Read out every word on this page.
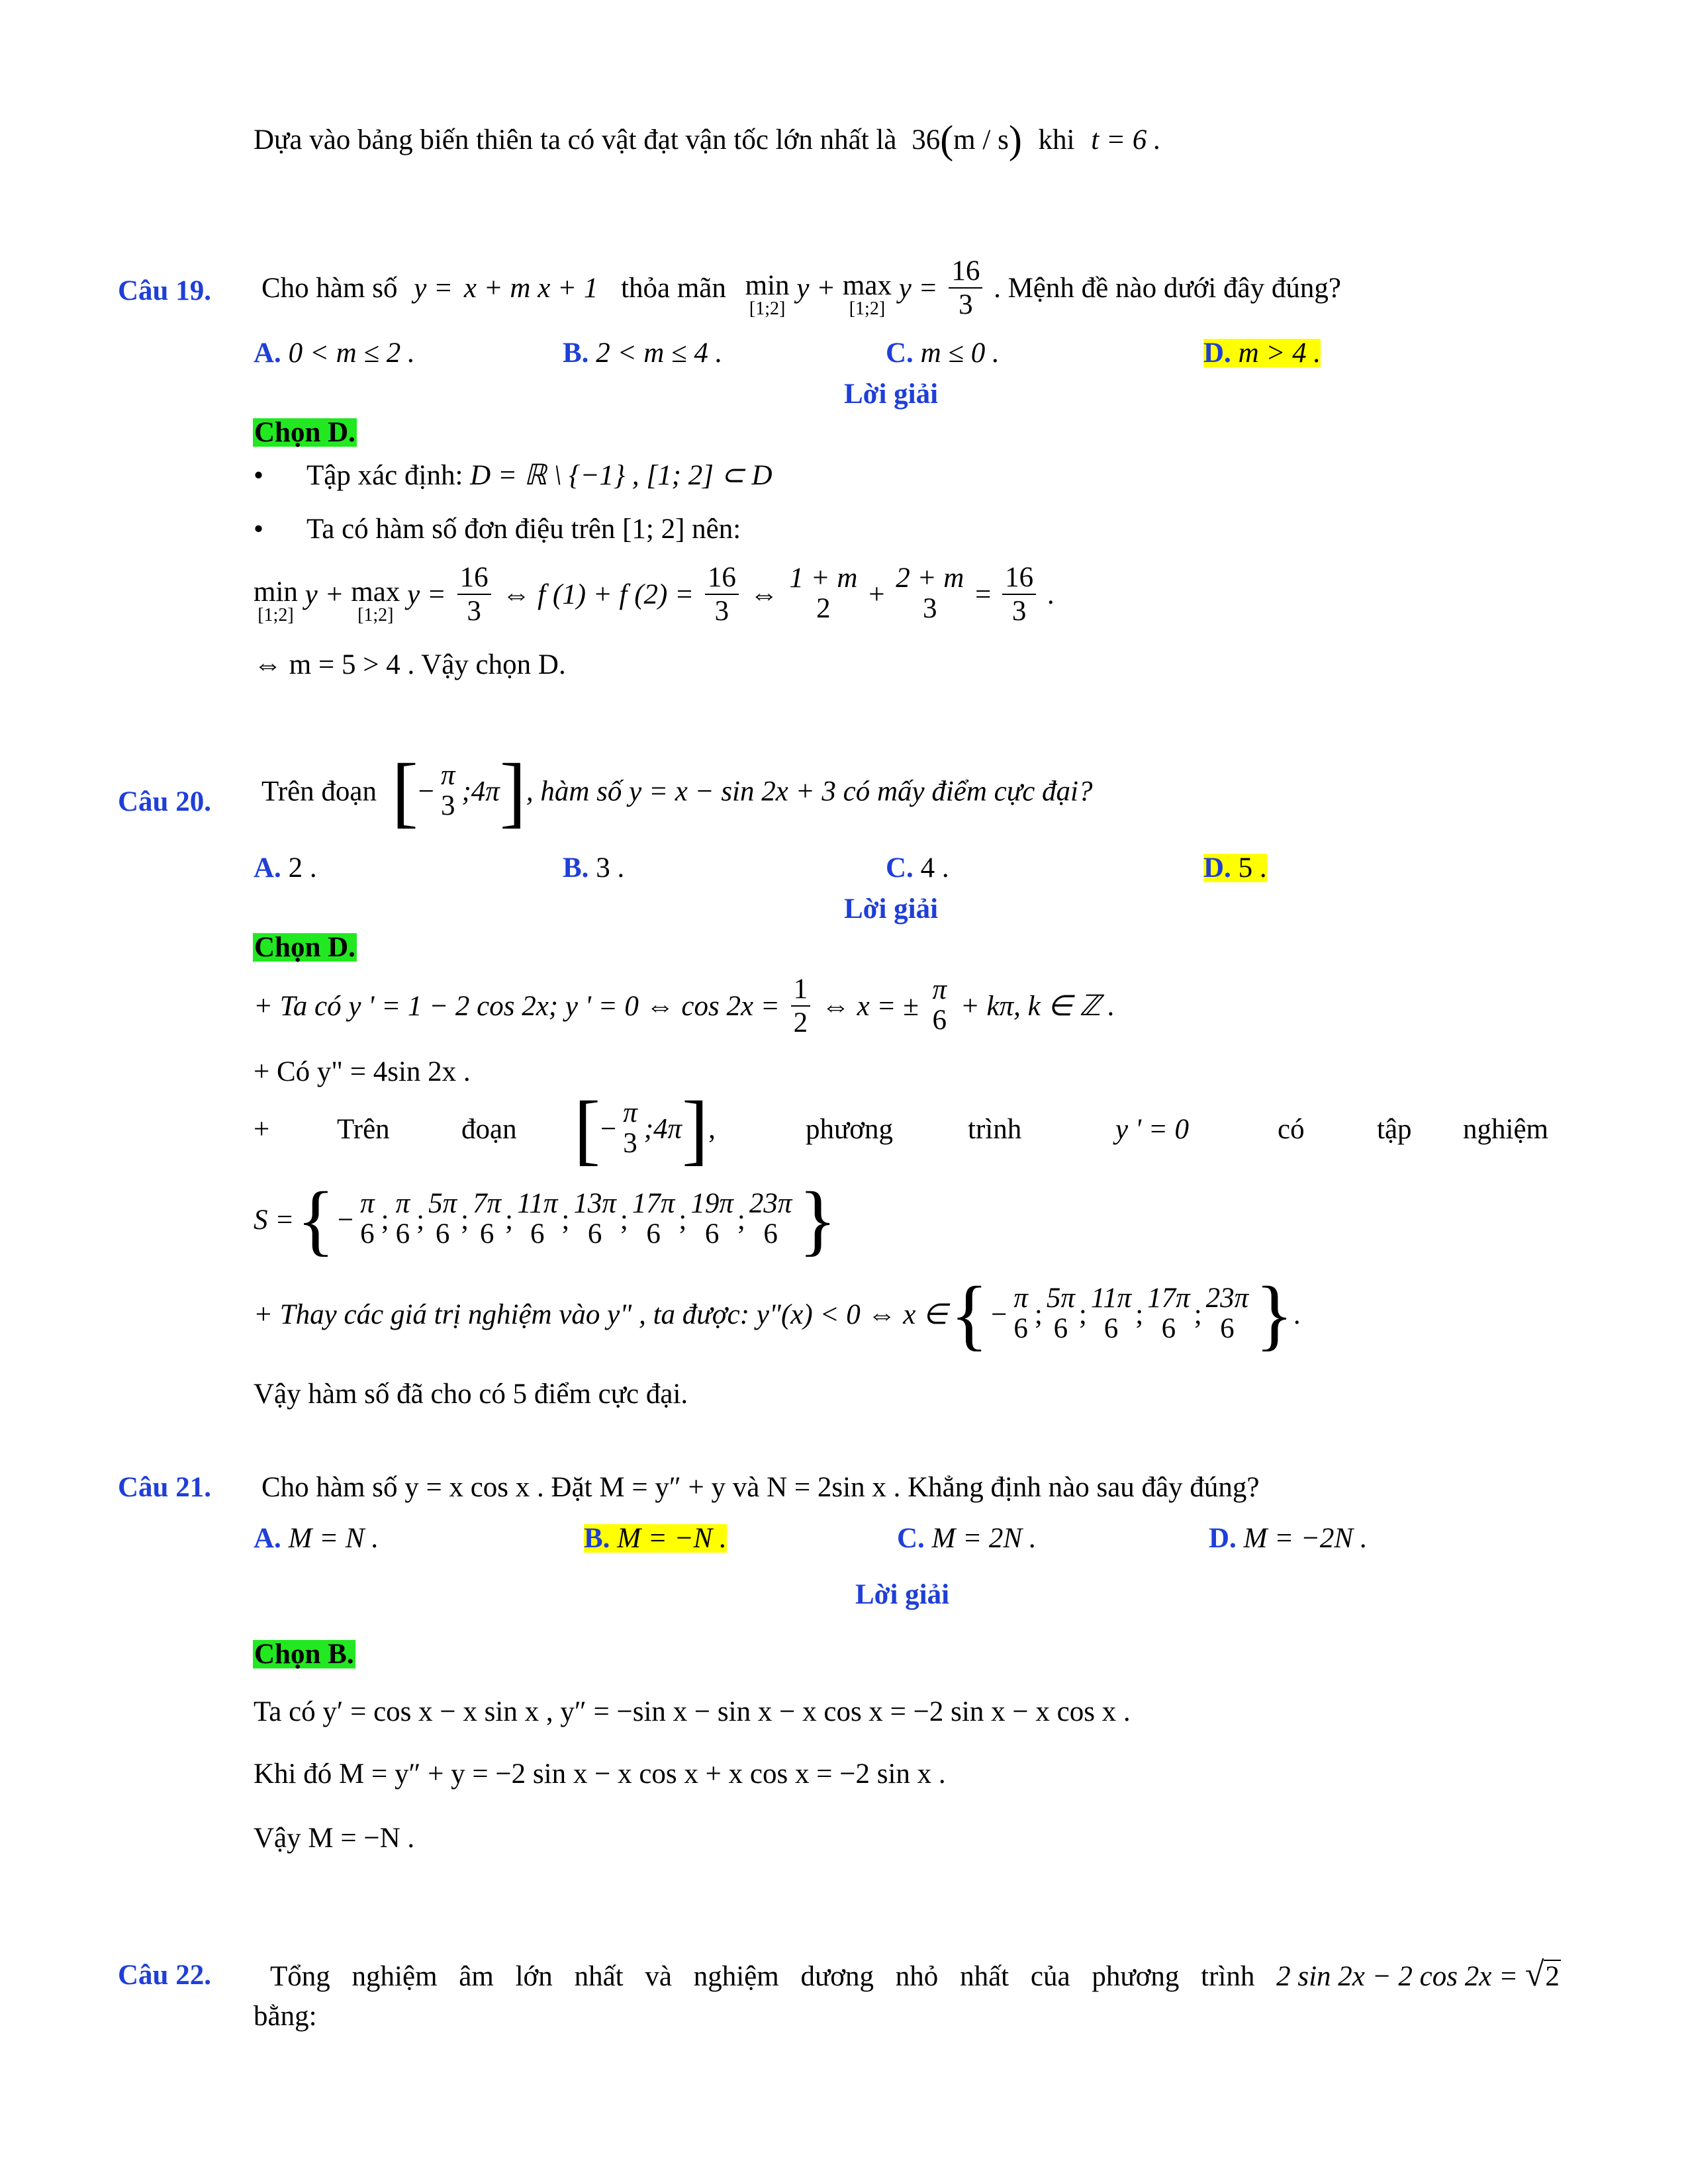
Dựa vào bảng biến thiên ta có vật đạt vận tốc lớn nhất là 36(m / s) khi t = 6 .
Câu 19. Cho hàm số y = x + m x + 1 thỏa mãn min
[1;2]
y + max
[1;2]
$y = \frac{16}{3}$ . Mệnh đề nào dưới đây đúng?
A. 0 < m ≤ 2 .	B. 2 < m ≤ 4 .	C. m ≤ 0 .	D. m > 4 .
Lời giải
Chọn D.
• Tập xác định: D = ℝ \ {−1} , [1; 2] ⊂ D
• Ta có hàm số đơn điệu trên [1; 2] nên:
min
[1;2]
y + max
[1;2]
$y = \frac{16}{3}$ ⇔ f (1) + f $(2) = \frac{16}{3}$ ⇔ 1 + m
2	+ 2 + m
3	= $\frac{16}{3}$ .
⇔ m = 5 > 4 . Vậy chọn D.
Câu 20. Trên đoạn [−π
3 ;4π], hàm số y = x − sin 2x + 3 có mấy điểm cực đại?
A. 2 .	B. 3 .	C. 4 .	D. 5 .
Lời giải
Chọn D.
+ Ta có y ' = 1 − 2 cos 2x; y ' = 0 ⇔ $\cos 2x = \frac{1}{2}$ ⇔ x = ± π
6 + kπ, k ∈ ℤ .
+ Có y" = 4sin 2x .
+	Trên	đoạn [−π
3 ;4π],	phương	trình	y ' = 0	có	tập	nghiệm
S = { −
π
6 ;
π
6 ;
5π
6 ;
7π
6 ;
11π
6 ;
13π
6 ;
17π
6 ;
19π
6 ;
23π
6 }
+ Thay các giá trị nghiệm vào y" , ta được: y"(x) < 0 ⇔ x ∈ { −
π
6 ;
5π
6 ;
11π
6 ;
17π
6 ;
23π
6 } .
Vậy hàm số đã cho có 5 điểm cực đại.
Câu 21. Cho hàm số y = x cos x . Đặt M = y″ + y và N = 2sin x . Khẳng định nào sau đây đúng?
A. M = N .	B. M = −N .	C. M = 2N .	D. M = −2N .
Lời giải
Chọn B.
Ta có y′ = cos x − x sin x , y″ = −sin x − sin x − x cos x = −2 sin x − x cos x .
Khi đó M = y″ + y = −2 sin x − x cos x + x cos x = −2 sin x .
Vậy M = −N .
Câu 22. Tổng nghiệm âm lớn nhất và nghiệm dương nhỏ nhất của phương trình 2 sin 2x − 2 cos 2x = √2
bằng:
